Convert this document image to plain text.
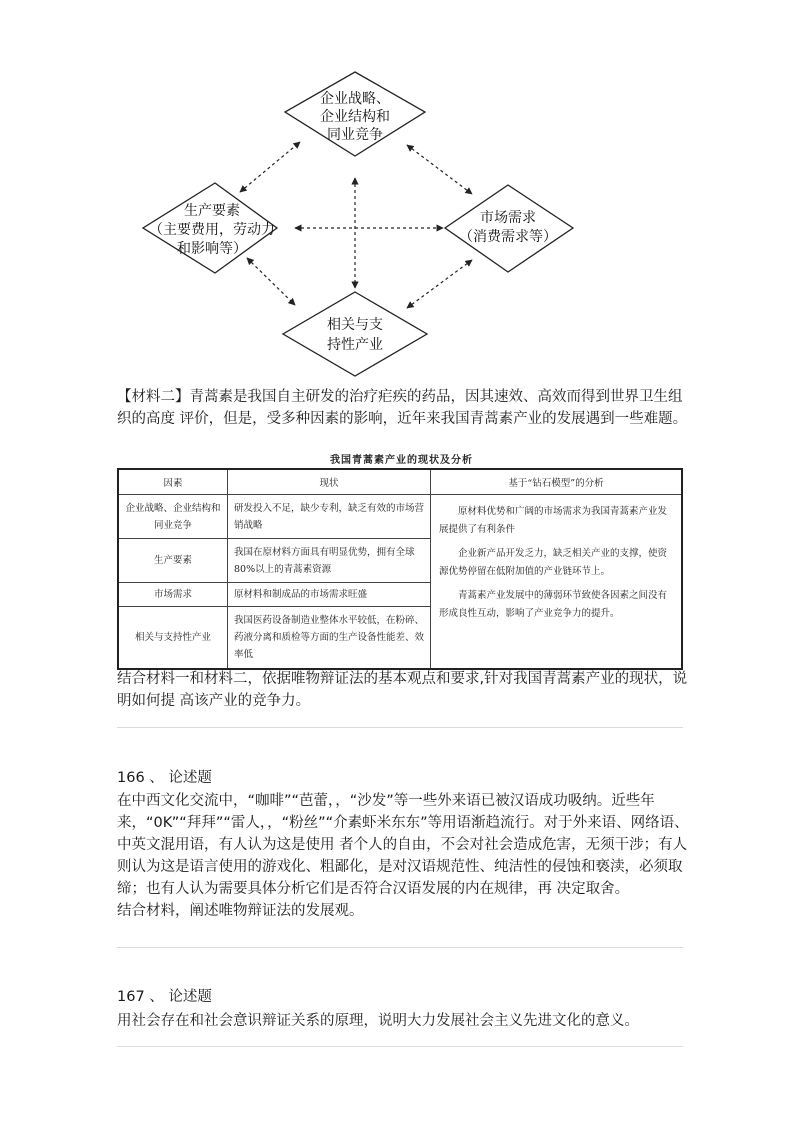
企业战略、
企业结构和
同业竞争
生产要素
（主要费用，劳动力
和影响等）
市场需求
（消费需求等）
相关与支
持性产业

【材料二】青蒿素是我国自主研发的治疗疟疾的药品，因其速效、高效而得到世界卫生组织的高度 评价，但是，受多种因素的影响，近年来我国青蒿素产业的发展遇到一些难题。

我国青蒿素产业的现状及分析
因素	现状	基于“钻石模型”的分析
企业战略、企业结构和同业竞争	研发投入不足，缺少专利，缺乏有效的市场营销战略	原材料优势和广阔的市场需求为我国青蒿素产业发展提供了有利条件

企业新产品开发乏力，缺乏相关产业的支撑，使资源优势停留在低附加值的产业链环节上。

青蒿素产业发展中的薄弱环节致使各因素之间没有形成良性互动，影响了产业竞争力的提升。

生产要素	我国在原材料方面具有明显优势，拥有全球80%以上的青蒿素资源	
市场需求	原材料和制成品的市场需求旺盛	
相关与支持性产业	我国医药设备制造业整体水平较低，在粉碎、药液分离和质检等方面的生产设备性能差、效率低	

结合材料一和材料二，依据唯物辩证法的基本观点和要求,针对我国青蒿素产业的现状，说明如何提 高该产业的竞争力。

166 、 论述题

在中西文化交流中，“咖啡”“芭蕾，，“沙发”等一些外来语已被汉语成功吸纳。近些年来，“0K”“拜拜”“雷人，，“粉丝”“介素虾米东东”等用语渐趋流行。对于外来语、网络语、中英文混用语，有人认为这是使用 者个人的自由，不会对社会造成危害，无须干涉；有人则认为这是语言使用的游戏化、粗鄙化，是对汉语规范性、纯洁性的侵蚀和亵渎，必须取缔；也有人认为需要具体分析它们是否符合汉语发展的内在规律，再 决定取舍。

结合材料，阐述唯物辩证法的发展观。

167 、 论述题

用社会存在和社会意识辩证关系的原理，说明大力发展社会主义先进文化的意义。
